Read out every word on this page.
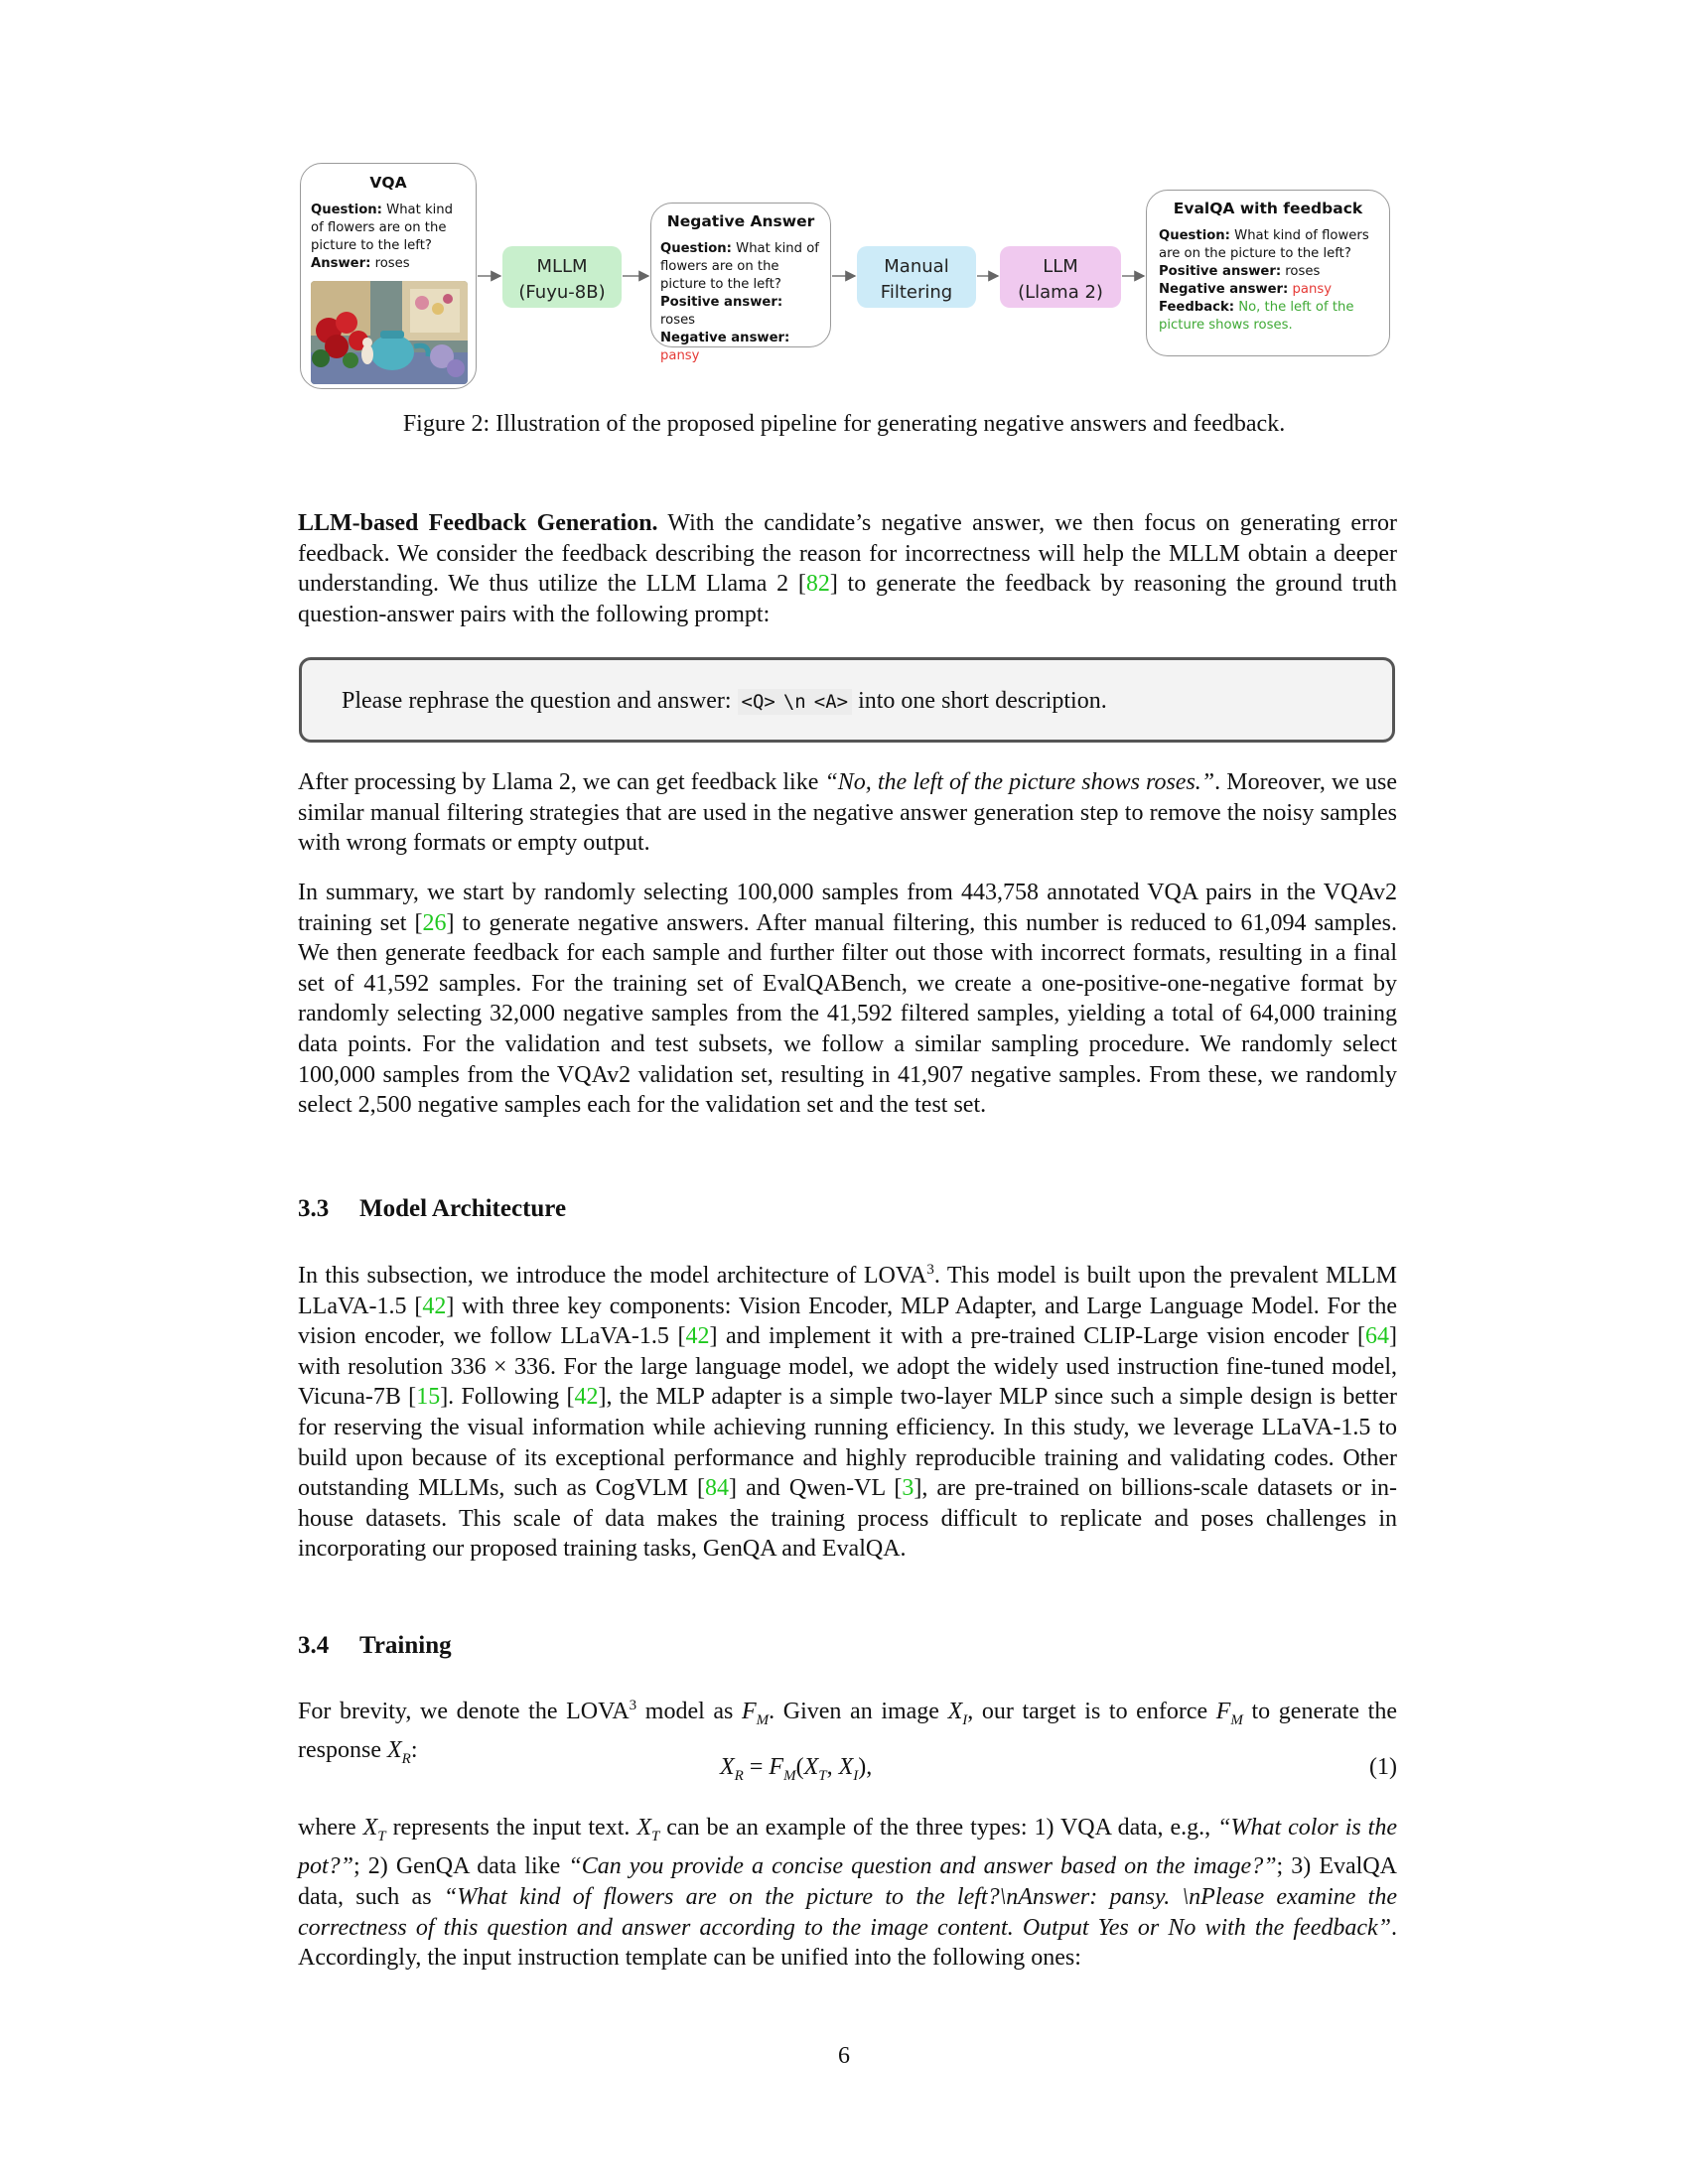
VQA
Question: What kind of flowers are on the picture to the left?
Answer: roses	MLLM
(Fuyu-8B)
Negative Answer
Question: What kind of flowers are on the picture to the left?
Positive answer: roses
Negative answer: pansy
Manual
Filtering
LLM
(Llama 2)
EvalQA with feedback
Question: What kind of flowers are on the picture to the left?
Positive answer: roses
Negative answer: pansy
Feedback: No, the left of the picture shows roses.
Figure 2: Illustration of the proposed pipeline for generating negative answers and feedback.

LLM-based Feedback Generation. With the candidate’s negative answer, we then focus on generating error feedback. We consider the feedback describing the reason for incorrectness will help the MLLM obtain a deeper understanding. We thus utilize the LLM Llama 2 [82] to generate the feedback by reasoning the ground truth question-answer pairs with the following prompt:

Please rephrase the question and answer: <Q> \n <A> into one short description.

After processing by Llama 2, we can get feedback like “No, the left of the picture shows roses.”. Moreover, we use similar manual filtering strategies that are used in the negative answer generation step to remove the noisy samples with wrong formats or empty output.

In summary, we start by randomly selecting 100,000 samples from 443,758 annotated VQA pairs in the VQAv2 training set [26] to generate negative answers. After manual filtering, this number is reduced to 61,094 samples. We then generate feedback for each sample and further filter out those with incorrect formats, resulting in a final set of 41,592 samples. For the training set of EvalQABench, we create a one-positive-one-negative format by randomly selecting 32,000 negative samples from the 41,592 filtered samples, yielding a total of 64,000 training data points. For the validation and test subsets, we follow a similar sampling procedure. We randomly select 100,000 samples from the VQAv2 validation set, resulting in 41,907 negative samples. From these, we randomly select 2,500 negative samples each for the validation set and the test set.

3.3 Model Architecture

In this subsection, we introduce the model architecture of LOVA$^3$. This model is built upon the prevalent MLLM LLaVA-1.5 [42] with three key components: Vision Encoder, MLP Adapter, and Large Language Model. For the vision encoder, we follow LLaVA-1.5 [42] and implement it with a pre-trained CLIP-Large vision encoder [64] with resolution 336 × 336. For the large language model, we adopt the widely used instruction fine-tuned model, Vicuna-7B [15]. Following [42], the MLP adapter is a simple two-layer MLP since such a simple design is better for reserving the visual information while achieving running efficiency. In this study, we leverage LLaVA-1.5 to build upon because of its exceptional performance and highly reproducible training and validating codes. Other outstanding MLLMs, such as CogVLM [84] and Qwen-VL [3], are pre-trained on billions-scale datasets or in-house datasets. This scale of data makes the training process difficult to replicate and poses challenges in incorporating our proposed training tasks, GenQA and EvalQA.

3.4 Training

For brevity, we denote the LOVA$^3$ model as $F_M$. Given an image $X_I$, our target is to enforce $F_M$ to generate the response $X_R$:

$X_R = F_M(X_T$, $X_I$),	(1)

where $X_T$ represents the input text. $X_T$ can be an example of the three types: 1) VQA data, e.g., “What color is the pot?”; 2) GenQA data like “Can you provide a concise question and answer based on the image?”; 3) EvalQA data, such as “What kind of flowers are on the picture to the left?\nAnswer: pansy. \nPlease examine the correctness of this question and answer according to the image content. Output Yes or No with the feedback”. Accordingly, the input instruction template can be unified into the following ones:

6
